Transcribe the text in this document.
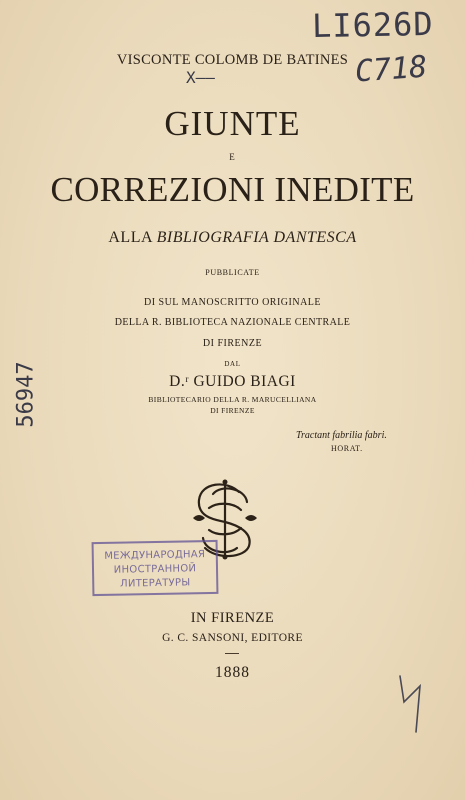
LI626D
C718
VISCONTE COLOMB DE BATINES
X——
GIUNTE
E
CORREZIONI INEDITE
ALLA BIBLIOGRAFIA DANTESCA
PUBBLICATE
DI SUL MANOSCRITTO ORIGINALE
DELLA R. BIBLIOTECA NAZIONALE CENTRALE
DI FIRENZE
DAL
D.ʳ GUIDO BIAGI
BIBLIOTECARIO DELLA R. MARUCELLIANA
DI FIRENZE
Tractant fabrilia fabri.
HORAT.
МЕЖДУНАРОДНАЯ
ИНОСТРАННОЙ
ЛИТЕРАТУРЫ
IN FIRENZE
G. C. SANSONI, EDITORE
1888
56947
